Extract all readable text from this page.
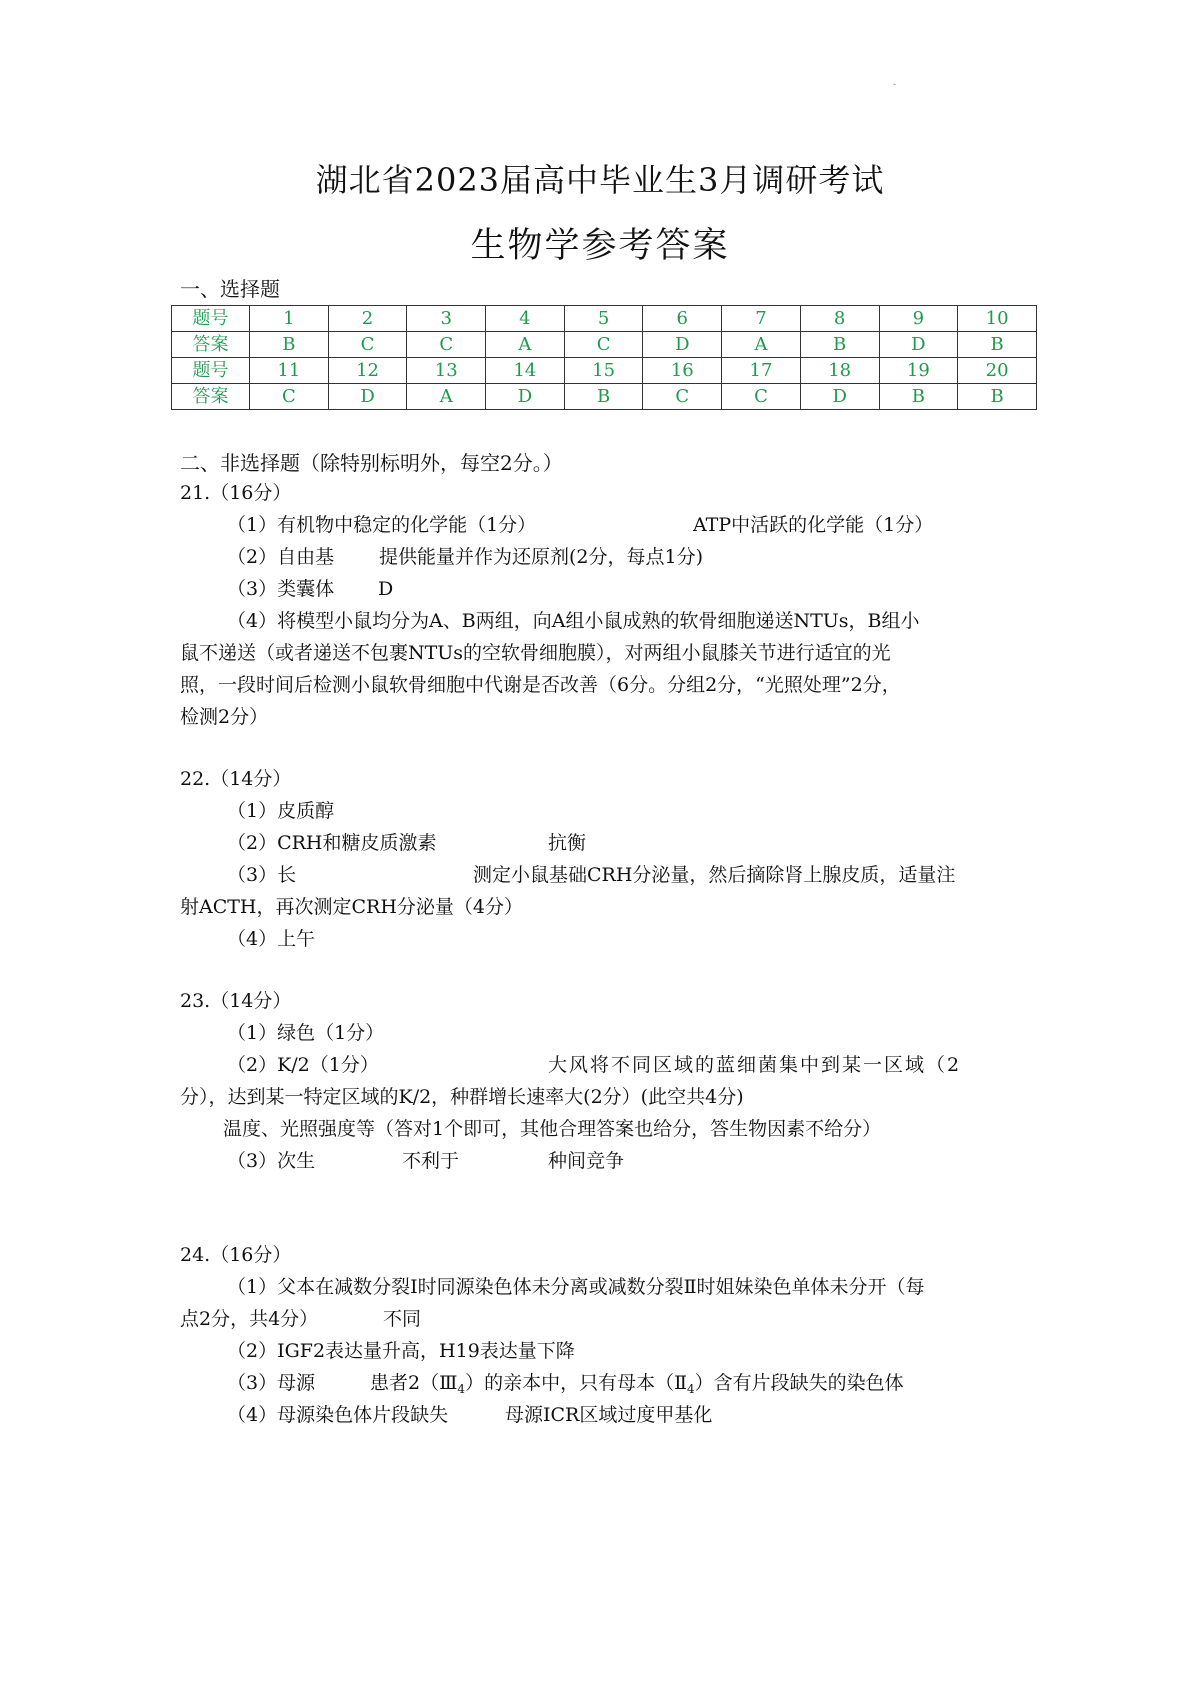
-
湖北省2023届高中毕业生3月调研考试
生物学参考答案
一、选择题
题号	1	2	3	4	5	6	7	8	9	10
答案	B	C	C	A	C	D	A	B	D	B
题号	11	12	13	14	15	16	17	18	19	20
答案	C	D	A	D	B	C	C	D	B	B
二、非选择题（除特别标明外，每空2分。）
21.（16分）
（1）有机物中稳定的化学能（1分）	ATP中活跃的化学能（1分）
（2）自由基 提供能量并作为还原剂(2分，每点1分)
（3）类囊体 D
（4）将模型小鼠均分为A、B两组，向A组小鼠成熟的软骨细胞递送NTUs，B组小
鼠不递送（或者递送不包裹NTUs的空软骨细胞膜），对两组小鼠膝关节进行适宜的光
照，一段时间后检测小鼠软骨细胞中代谢是否改善（6分。分组2分，“光照处理”2分，
检测2分）
22.（14分）
（1）皮质醇
（2）CRH和糖皮质激素	抗衡
（3）长	测定小鼠基础CRH分泌量，然后摘除肾上腺皮质，适量注
射ACTH，再次测定CRH分泌量（4分）
（4）上午
23.（14分）
（1）绿色（1分）
（2）K/2（1分）	大风将不同区域的蓝细菌集中到某一区域（2
分），达到某一特定区域的K/2，种群增长速率大(2分）(此空共4分)
温度、光照强度等（答对1个即可，其他合理答案也给分，答生物因素不给分）
（3）次生	不利于	种间竞争
24.（16分）
（1）父本在减数分裂Ⅰ时同源染色体未分离或减数分裂Ⅱ时姐妹染色单体未分开（每
点2分，共4分）	不同
（2）IGF2表达量升高，H19表达量下降
（3）母源	患者$2(Ⅲ_4)$的亲本中，只有母本$(Ⅱ_4)$含有片段缺失的染色体
（4）母源染色体片段缺失	母源ICR区域过度甲基化
